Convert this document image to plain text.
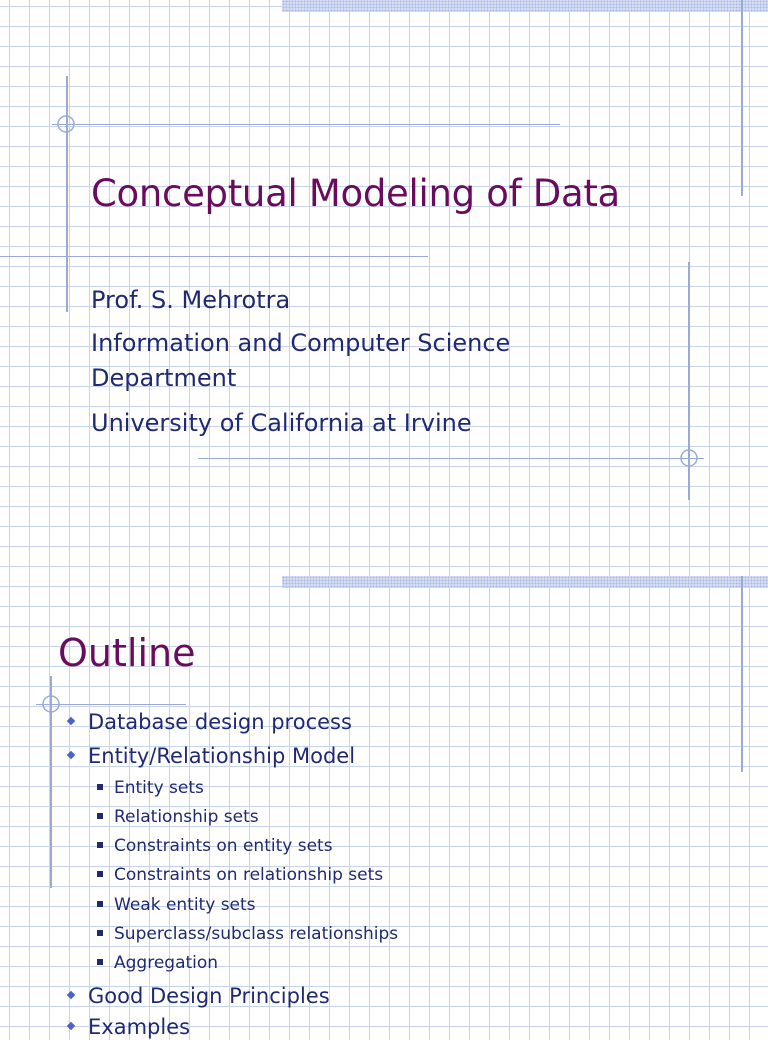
Conceptual Modeling of Data
Prof. S. Mehrotra
Information and Computer Science Department
University of California at Irvine
Outline
Database design process
Entity/Relationship Model
Entity sets
Relationship sets
Constraints on entity sets
Constraints on relationship sets
Weak entity sets
Superclass/subclass relationships
Aggregation
Good Design Principles
Examples
